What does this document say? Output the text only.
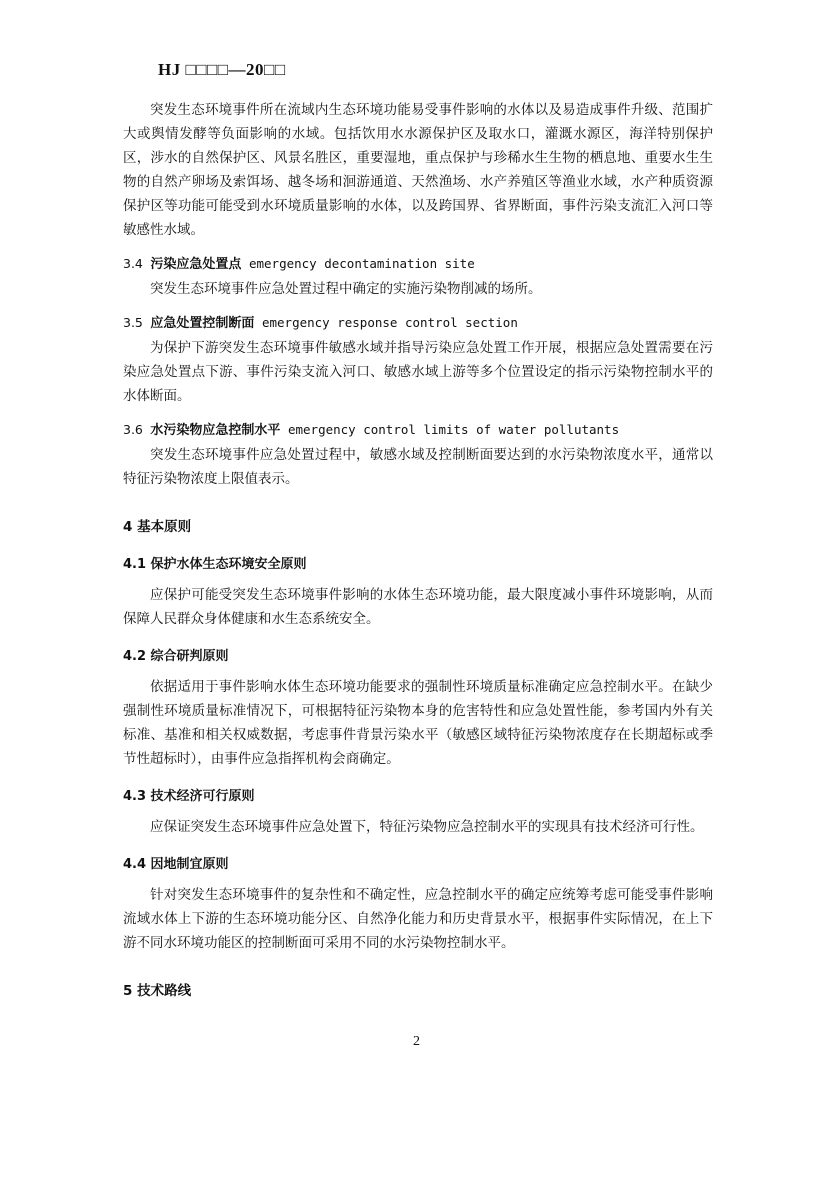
HJ □□□□—20□□

突发生态环境事件所在流域内生态环境功能易受事件影响的水体以及易造成事件升级、范围扩大或舆情发酵等负面影响的水域。包括饮用水水源保护区及取水口，灌溉水源区，海洋特别保护区，涉水的自然保护区、风景名胜区，重要湿地，重点保护与珍稀水生生物的栖息地、重要水生生物的自然产卵场及索饵场、越冬场和洄游通道、天然渔场、水产养殖区等渔业水域，水产种质资源保护区等功能可能受到水环境质量影响的水体，以及跨国界、省界断面，事件污染支流汇入河口等敏感性水域。

3.4 污染应急处置点 emergency decontamination site

突发生态环境事件应急处置过程中确定的实施污染物削减的场所。

3.5 应急处置控制断面 emergency response control section

为保护下游突发生态环境事件敏感水域并指导污染应急处置工作开展，根据应急处置需要在污染应急处置点下游、事件污染支流入河口、敏感水域上游等多个位置设定的指示污染物控制水平的水体断面。

3.6 水污染物应急控制水平 emergency control limits of water pollutants

突发生态环境事件应急处置过程中，敏感水域及控制断面要达到的水污染物浓度水平，通常以特征污染物浓度上限值表示。

4 基本原则
4.1 保护水体生态环境安全原则

应保护可能受突发生态环境事件影响的水体生态环境功能，最大限度减小事件环境影响，从而保障人民群众身体健康和水生态系统安全。

4.2 综合研判原则

依据适用于事件影响水体生态环境功能要求的强制性环境质量标准确定应急控制水平。在缺少强制性环境质量标准情况下，可根据特征污染物本身的危害特性和应急处置性能，参考国内外有关标准、基准和相关权威数据，考虑事件背景污染水平（敏感区域特征污染物浓度存在长期超标或季节性超标时），由事件应急指挥机构会商确定。

4.3 技术经济可行原则

应保证突发生态环境事件应急处置下，特征污染物应急控制水平的实现具有技术经济可行性。

4.4 因地制宜原则

针对突发生态环境事件的复杂性和不确定性，应急控制水平的确定应统筹考虑可能受事件影响流域水体上下游的生态环境功能分区、自然净化能力和历史背景水平，根据事件实际情况，在上下游不同水环境功能区的控制断面可采用不同的水污染物控制水平。

5 技术路线
2
